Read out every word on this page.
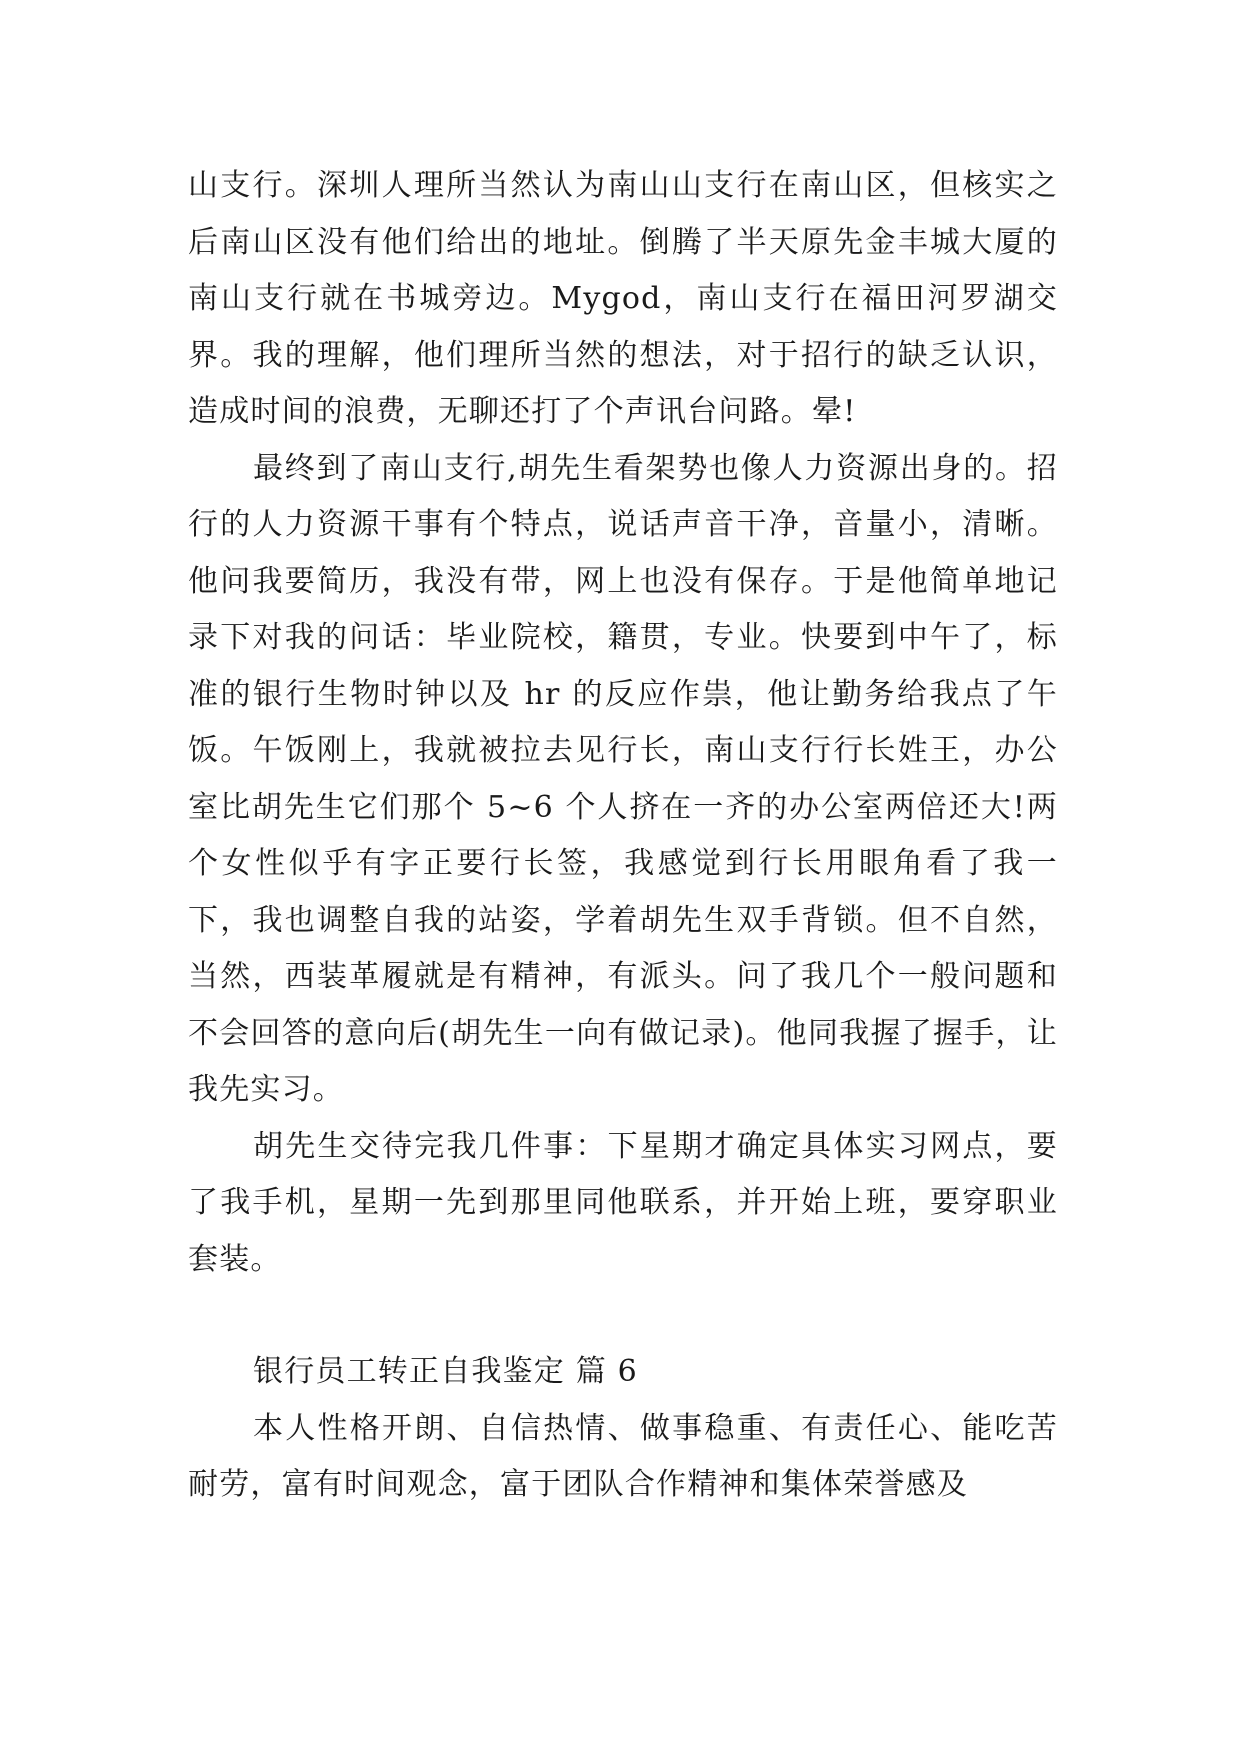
山支行。深圳人理所当然认为南山山支行在南山区，但核实之后南山区没有他们给出的地址。倒腾了半天原先金丰城大厦的南山支行就在书城旁边。Mygod，南山支行在福田河罗湖交界。我的理解，他们理所当然的想法，对于招行的缺乏认识，造成时间的浪费，无聊还打了个声讯台问路。晕!

最终到了南山支行,胡先生看架势也像人力资源出身的。招行的人力资源干事有个特点，说话声音干净，音量小，清晰。他问我要简历，我没有带，网上也没有保存。于是他简单地记录下对我的问话：毕业院校，籍贯，专业。快要到中午了，标准的银行生物时钟以及 hr 的反应作祟，他让勤务给我点了午饭。午饭刚上，我就被拉去见行长，南山支行行长姓王，办公室比胡先生它们那个 5~6 个人挤在一齐的办公室两倍还大!两个女性似乎有字正要行长签，我感觉到行长用眼角看了我一下，我也调整自我的站姿，学着胡先生双手背锁。但不自然，当然，西装革履就是有精神，有派头。问了我几个一般问题和不会回答的意向后(胡先生一向有做记录)。他同我握了握手，让我先实习。

胡先生交待完我几件事：下星期才确定具体实习网点，要了我手机，星期一先到那里同他联系，并开始上班，要穿职业套装。

银行员工转正自我鉴定 篇 6

本人性格开朗、自信热情、做事稳重、有责任心、能吃苦耐劳，富有时间观念，富于团队合作精神和集体荣誉感及
